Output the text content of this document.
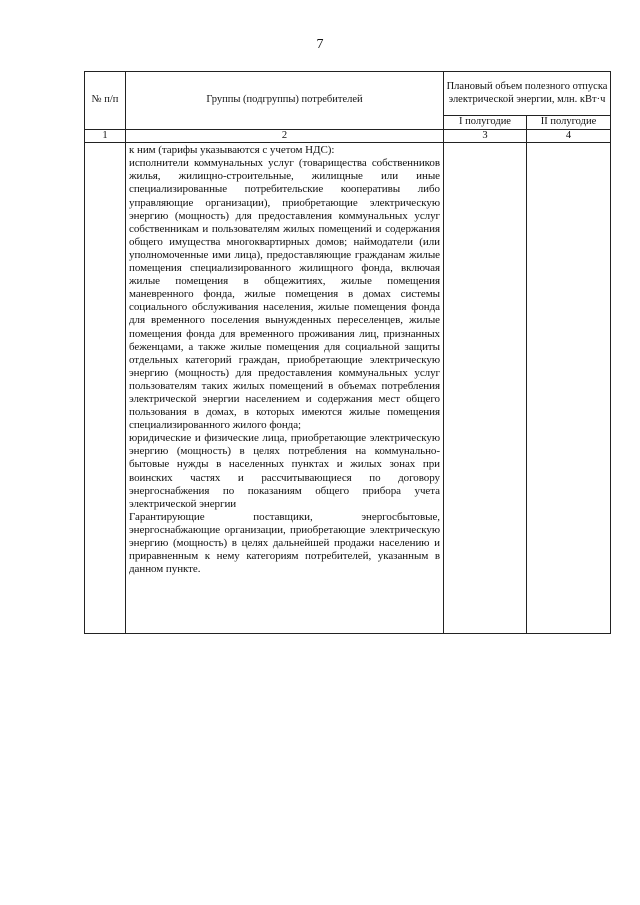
7
№ п/п	Группы (подгруппы) потребителей	Плановый объем полезного отпуска электрической энергии, млн. кВт·ч	
		I полугодие	II полугодие
1	2	3	4

	к ним (тарифы указываются с учетом НДС):

исполнители коммунальных услуг (товарищества собственников жилья, жилищно-строительные, жилищные или иные специализированные потребительские кооперативы либо управляющие организации), приобретающие электрическую энергию (мощность) для предоставления коммунальных услуг собственникам и пользователям жилых помещений и содержания общего имущества многоквартирных домов; наймодатели (или уполномоченные ими лица), предоставляющие гражданам жилые помещения специализированного жилищного фонда, включая жилые помещения в общежитиях, жилые помещения маневренного фонда, жилые помещения в домах системы социального обслуживания населения, жилые помещения фонда для временного поселения вынужденных переселенцев, жилые помещения фонда для временного проживания лиц, признанных беженцами, а также жилые помещения для социальной защиты отдельных категорий граждан, приобретающие электрическую энергию (мощность) для предоставления коммунальных услуг пользователям таких жилых помещений в объемах потребления электрической энергии населением и содержания мест общего пользования в домах, в которых имеются жилые помещения специализированного жилого фонда;

юридические и физические лица, приобретающие электрическую энергию (мощность) в целях потребления на коммунально-бытовые нужды в населенных пунктах и жилых зонах при воинских частях и рассчитывающиеся по договору энергоснабжения по показаниям общего прибора учета электрической энергии

Гарантирующие поставщики, энергосбытовые, энергоснабжающие организации, приобретающие электрическую энергию (мощность) в целях дальнейшей продажи населению и приравненным к нему категориям потребителей, указанным в данном пункте.		
